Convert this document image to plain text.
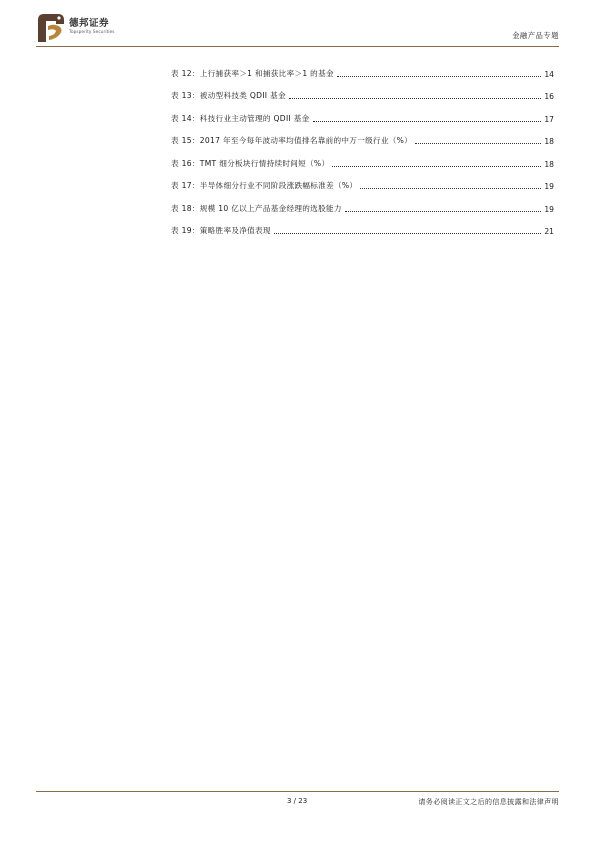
德邦证券
Topsperity Securities	金融产品专题
表 12：上行捕获率＞1 和捕获比率＞1 的基金	14
表 13：被动型科技类 QDII 基金	16
表 14：科技行业主动管理的 QDII 基金	17
表 15：2017 年至今每年波动率均值排名靠前的中万一级行业（%）	18
表 16：TMT 细分板块行情持续时间短（%）	18
表 17：半导体细分行业不同阶段涨跌幅标准差（%）	19
表 18：规模 10 亿以上产品基金经理的选股能力	19
表 19：策略胜率及净值表现	21
3 / 23	请务必阅读正文之后的信息披露和法律声明
